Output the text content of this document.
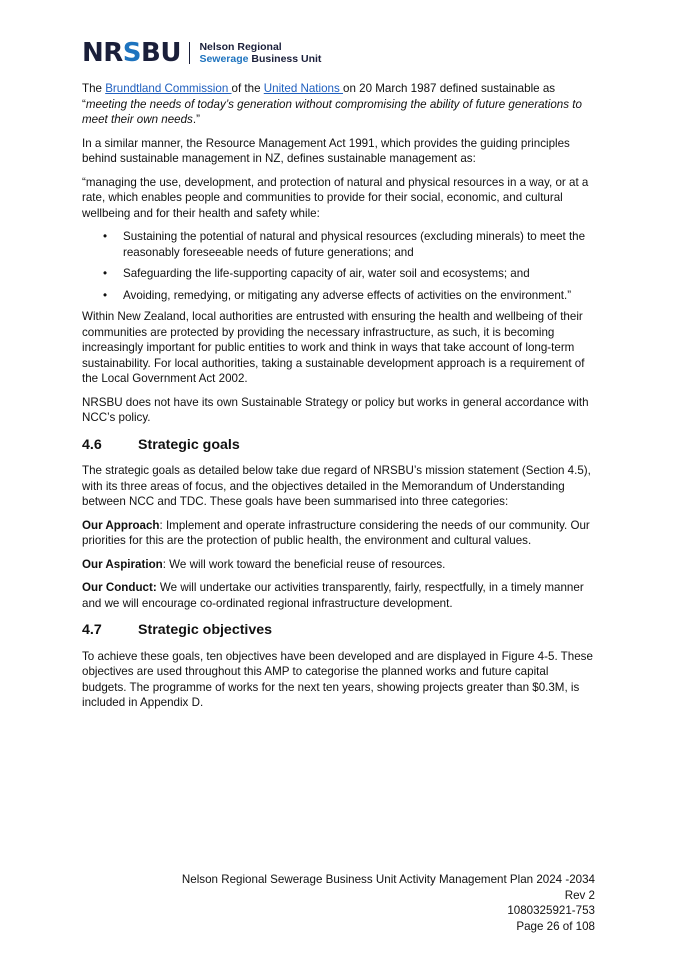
NRSBU Nelson Regional
Sewerage Business Unit

The Brundtland Commission of the United Nations on 20 March 1987 defined sustainable as “meeting the needs of today’s generation without compromising the ability of future generations to meet their own needs.”

In a similar manner, the Resource Management Act 1991, which provides the guiding principles behind sustainable management in NZ, defines sustainable management as:

“managing the use, development, and protection of natural and physical resources in a way, or at a rate, which enables people and communities to provide for their social, economic, and cultural wellbeing and for their health and safety while:

• Sustaining the potential of natural and physical resources (excluding minerals) to meet the reasonably foreseeable needs of future generations; and
• Safeguarding the life-supporting capacity of air, water soil and ecosystems; and
• Avoiding, remedying, or mitigating any adverse effects of activities on the environment.”

Within New Zealand, local authorities are entrusted with ensuring the health and wellbeing of their communities are protected by providing the necessary infrastructure, as such, it is becoming increasingly important for public entities to work and think in ways that take account of long-term sustainability. For local authorities, taking a sustainable development approach is a requirement of the Local Government Act 2002.

NRSBU does not have its own Sustainable Strategy or policy but works in general accordance with NCC’s policy.

4.6	Strategic goals

The strategic goals as detailed below take due regard of NRSBU’s mission statement (Section 4.5), with its three areas of focus, and the objectives detailed in the Memorandum of Understanding between NCC and TDC. These goals have been summarised into three categories:

Our Approach: Implement and operate infrastructure considering the needs of our community. Our priorities for this are the protection of public health, the environment and cultural values.

Our Aspiration: We will work toward the beneficial reuse of resources.

Our Conduct: We will undertake our activities transparently, fairly, respectfully, in a timely manner and we will encourage co-ordinated regional infrastructure development.

4.7	Strategic objectives

To achieve these goals, ten objectives have been developed and are displayed in Figure 4-5. These objectives are used throughout this AMP to categorise the planned works and future capital budgets. The programme of works for the next ten years, showing projects greater than $0.3M, is included in Appendix D.

Nelson Regional Sewerage Business Unit Activity Management Plan 2024 -2034
Rev 2
1080325921-753
Page 26 of 108
